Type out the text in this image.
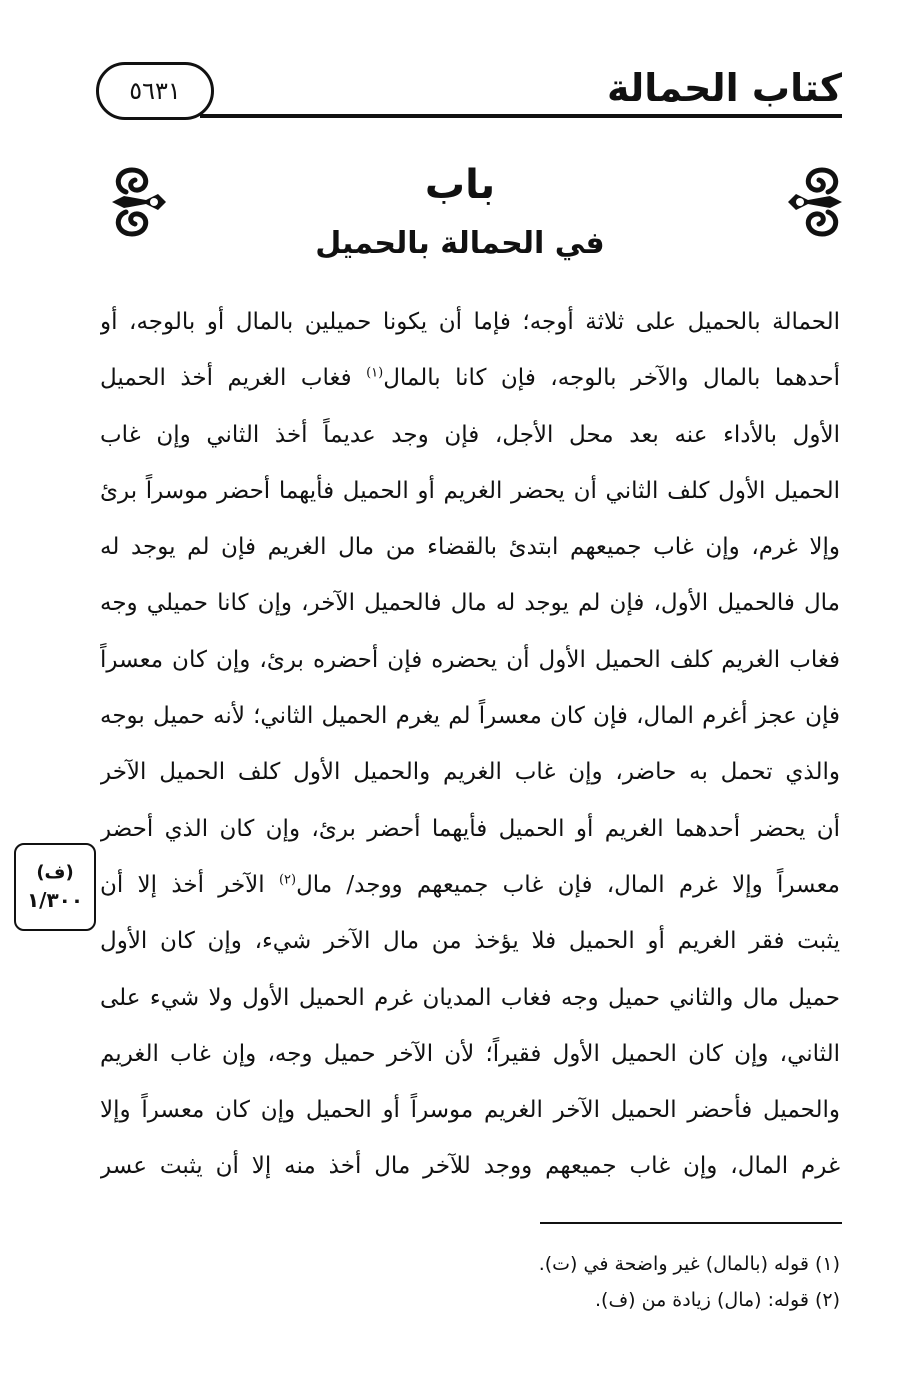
٥٦٣١	كتاب الحمالة
باب
في الحمالة بالحميل
الحمالة بالحميل على ثلاثة أوجه؛ فإما أن يكونا حميلين بالمال أو بالوجه، أو
أحدهما بالمال والآخر بالوجه، فإن كانا بالمال$^{(١)}$ فغاب الغريم أخذ الحميل
الأول بالأداء عنه بعد محل الأجل، فإن وجد عديماً أخذ الثاني وإن غاب
الحميل الأول كلف الثاني أن يحضر الغريم أو الحميل فأيهما أحضر موسراً برئ
وإلا غرم، وإن غاب جميعهم ابتدئ بالقضاء من مال الغريم فإن لم يوجد له
مال فالحميل الأول، فإن لم يوجد له مال فالحميل الآخر، وإن كانا حميلي وجه
فغاب الغريم كلف الحميل الأول أن يحضره فإن أحضره برئ، وإن كان معسراً
فإن عجز أغرم المال، فإن كان معسراً لم يغرم الحميل الثاني؛ لأنه حميل بوجه
والذي تحمل به حاضر، وإن غاب الغريم والحميل الأول كلف الحميل الآخر
أن يحضر أحدهما الغريم أو الحميل فأيهما أحضر برئ، وإن كان الذي أحضر
معسراً وإلا غرم المال، فإن غاب جميعهم ووجد/ مال$^{(٢)}$ الآخر أخذ إلا أن
يثبت فقر الغريم أو الحميل فلا يؤخذ من مال الآخر شيء، وإن كان الأول
حميل مال والثاني حميل وجه فغاب المديان غرم الحميل الأول ولا شيء على
الثاني، وإن كان الحميل الأول فقيراً؛ لأن الآخر حميل وجه، وإن غاب الغريم
والحميل فأحضر الحميل الآخر الغريم موسراً أو الحميل وإن كان معسراً وإلا
غرم المال، وإن غاب جميعهم ووجد للآخر مال أخذ منه إلا أن يثبت عسر
(ف)
١/٣٠٠
(١) قوله (بالمال) غير واضحة في (ت).
(٢) قوله: (مال) زيادة من (ف).
